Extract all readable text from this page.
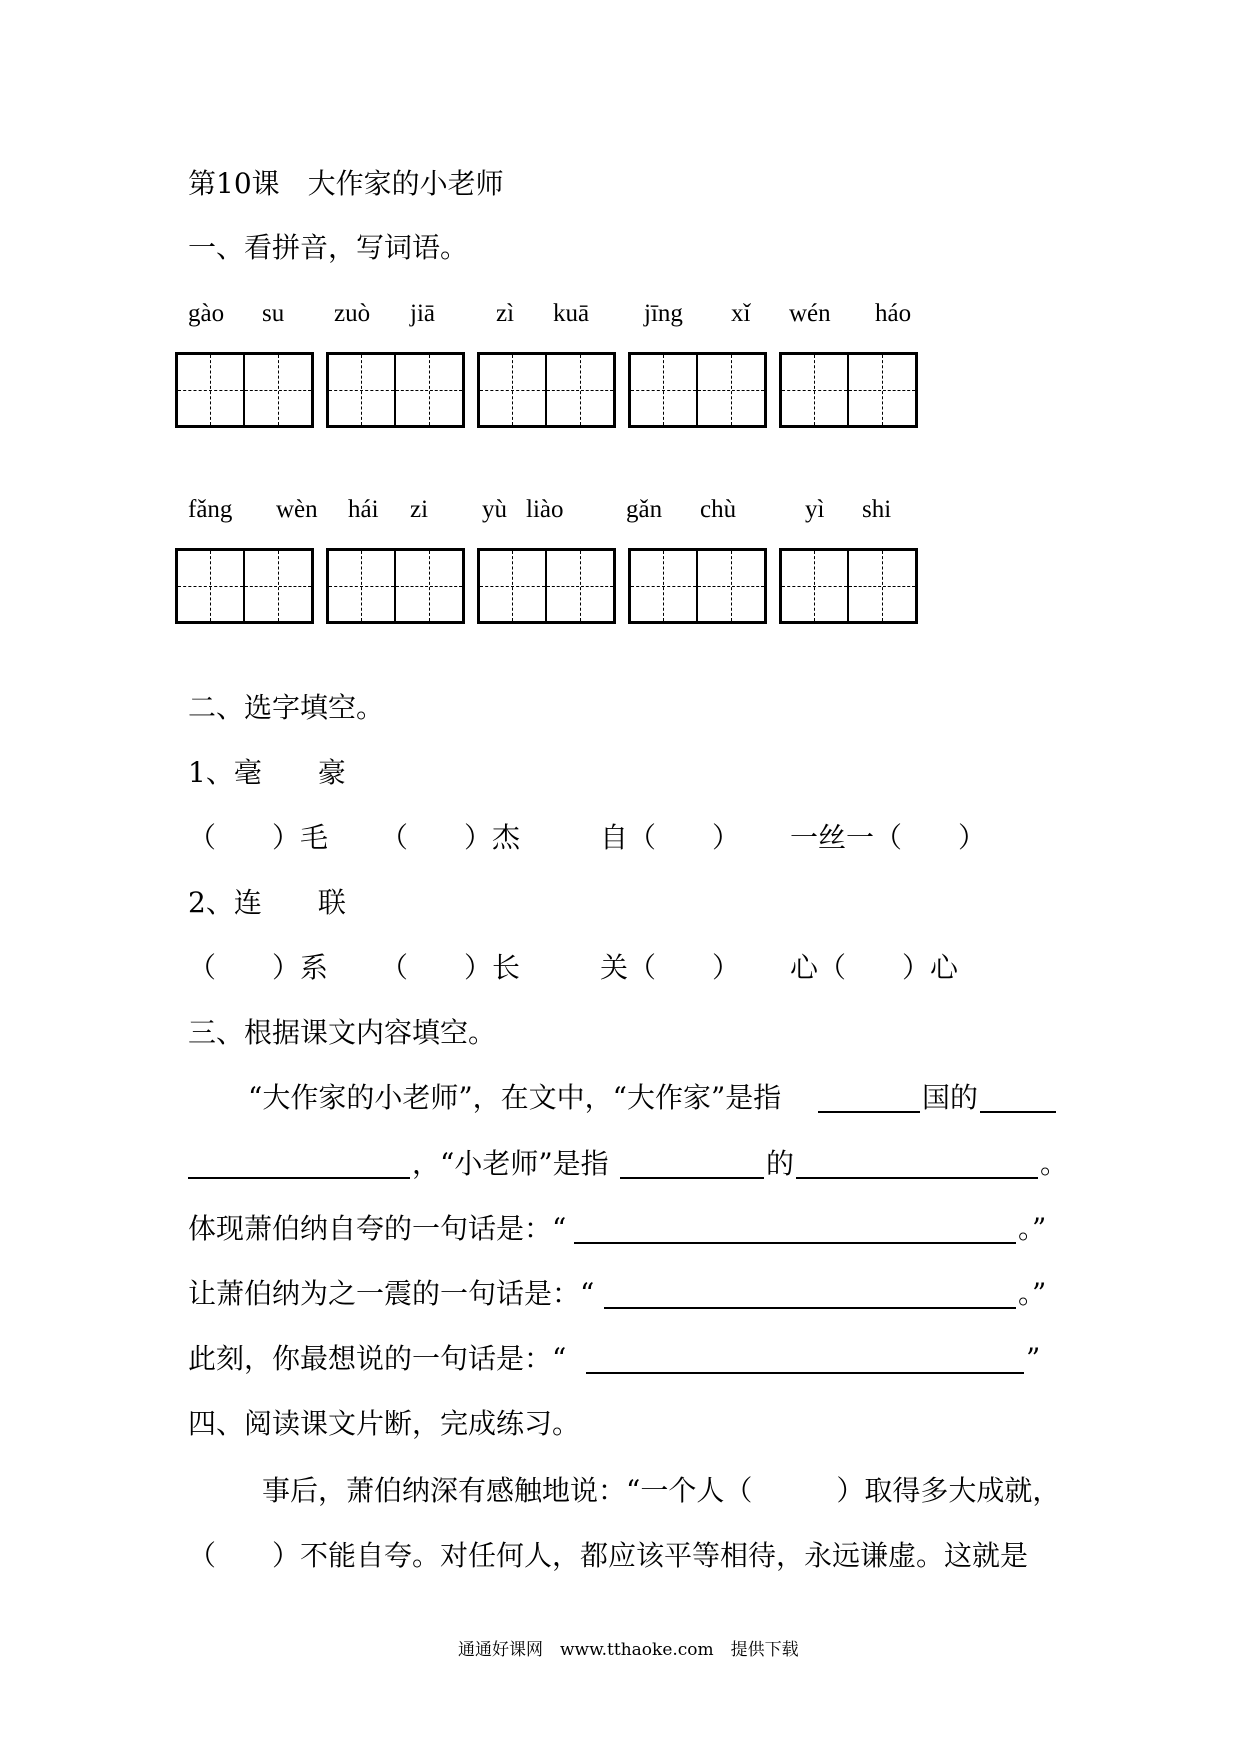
第10课　大作家的小老师
一、看拼音，写词语。
gào su zuò jiā zì kuā jīng xǐ wén háo
fǎng wèn hái zi yù liào	gǎn chù	yì shi
二、选字填空。
1、毫　　豪
（　　）毛 （　　）杰	自（　　） 一丝一（　　）
2、连　　联
（　　）系 （　　）长	关（　　） 心（　　）心
三、根据课文内容填空。
“大作家的小老师”，在文中，“大作家”是指	国的
，“小老师”是指	的	。
体现萧伯纳自夸的一句话是：“	。”
让萧伯纳为之一震的一句话是：“	。”
此刻，你最想说的一句话是：“	”
四、阅读课文片断，完成练习。
事后，萧伯纳深有感触地说：“一个人（　　　）取得多大成就，
（　　）不能自夸。对任何人，都应该平等相待，永远谦虚。这就是
通通好课网　www.tthaoke.com　提供下载
